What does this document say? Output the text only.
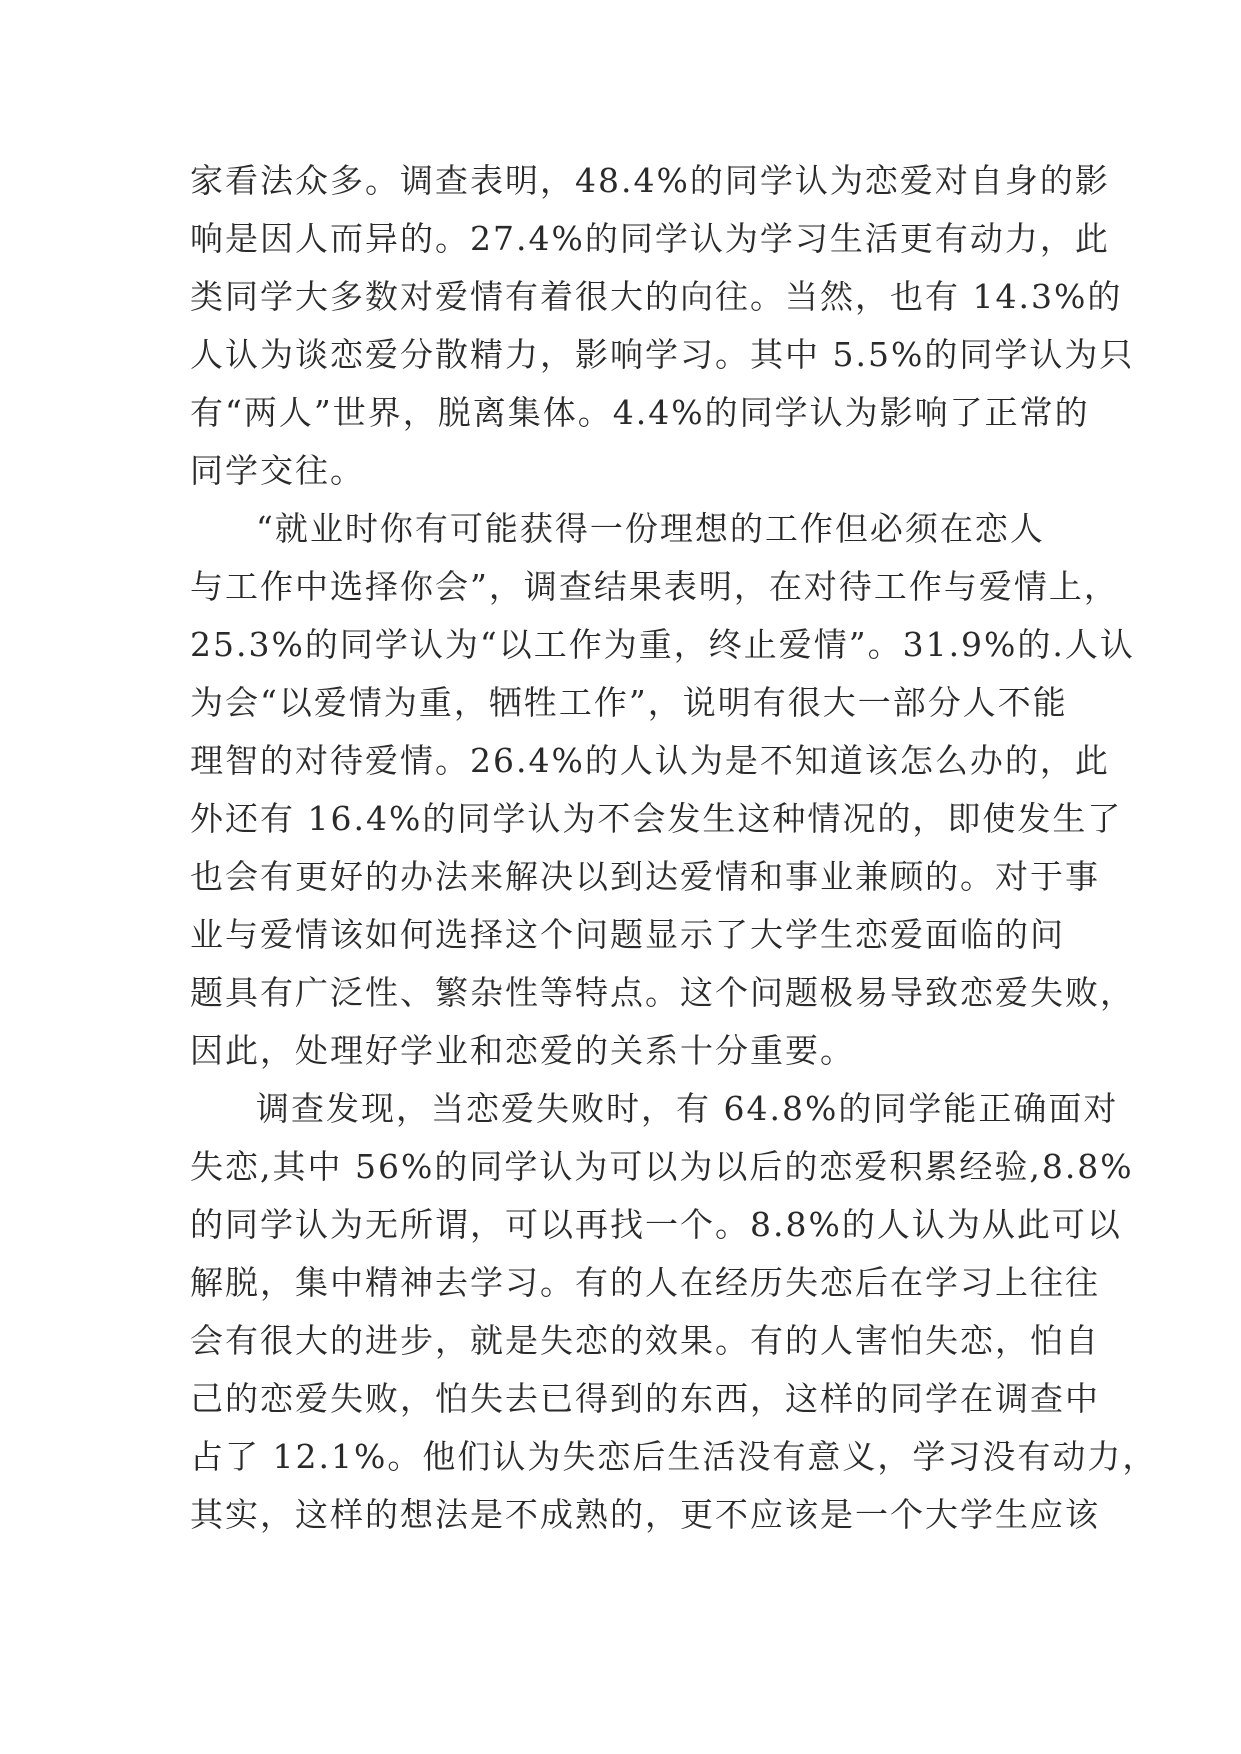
家看法众多。调查表明，48.4%的同学认为恋爱对自身的影
响是因人而异的。27.4%的同学认为学习生活更有动力，此
类同学大多数对爱情有着很大的向往。当然，也有 14.3%的
人认为谈恋爱分散精力，影响学习。其中 5.5%的同学认为只
有“两人”世界，脱离集体。4.4%的同学认为影响了正常的
同学交往。
“就业时你有可能获得一份理想的工作但必须在恋人
与工作中选择你会”，调查结果表明，在对待工作与爱情上，
25.3%的同学认为“以工作为重，终止爱情”。31.9%的.人认
为会“以爱情为重，牺牲工作”，说明有很大一部分人不能
理智的对待爱情。26.4%的人认为是不知道该怎么办的，此
外还有 16.4%的同学认为不会发生这种情况的，即使发生了
也会有更好的办法来解决以到达爱情和事业兼顾的。对于事
业与爱情该如何选择这个问题显示了大学生恋爱面临的问
题具有广泛性、繁杂性等特点。这个问题极易导致恋爱失败，
因此，处理好学业和恋爱的关系十分重要。
调查发现，当恋爱失败时，有 64.8%的同学能正确面对
失恋,其中 56%的同学认为可以为以后的恋爱积累经验,8.8%
的同学认为无所谓，可以再找一个。8.8%的人认为从此可以
解脱，集中精神去学习。有的人在经历失恋后在学习上往往
会有很大的进步，就是失恋的效果。有的人害怕失恋，怕自
己的恋爱失败，怕失去已得到的东西，这样的同学在调查中
占了 12.1%。他们认为失恋后生活没有意义，学习没有动力，
其实，这样的想法是不成熟的，更不应该是一个大学生应该
